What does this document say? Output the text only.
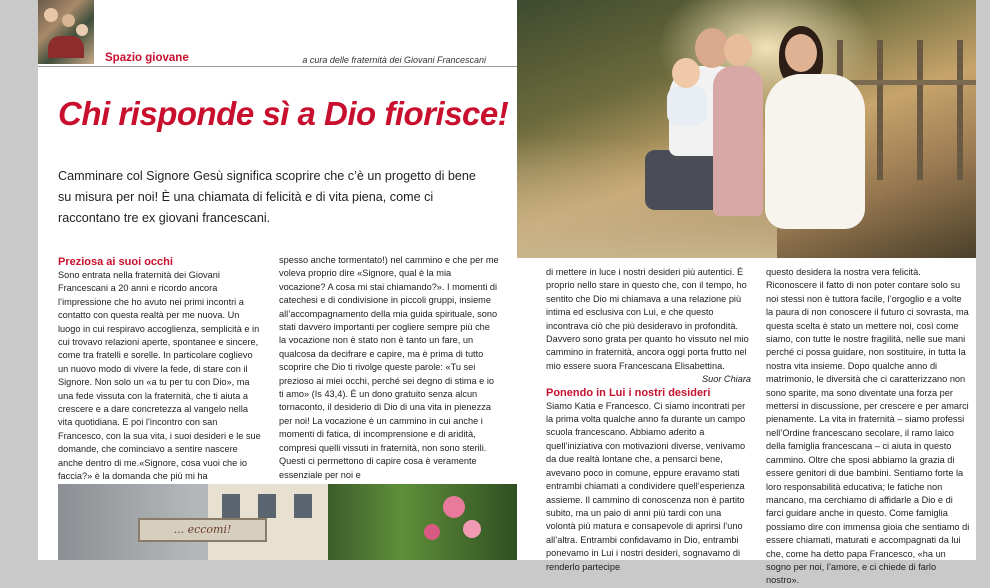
Spazio giovane	a cura delle fraternità dei Giovani Francescani
Chi risponde sì a Dio fiorisce!

Camminare col Signore Gesù significa scoprire che c’è un progetto di bene su misura per noi! È una chiamata di felicità e di vita piena, come ci raccontano tre ex giovani francescani.

Preziosa ai suoi occhi

Sono entrata nella fraternità dei Giovani Francescani a 20 anni e ricordo ancora l’impressione che ho avuto nei primi incontri a contatto con questa realtà per me nuova. Un luogo in cui respiravo accoglienza, semplicità e in cui trovavo relazioni aperte, spontanee e sincere, come tra fratelli e sorelle. In particolare coglievo un nuovo modo di vivere la fede, di stare con il Signore. Non solo un «a tu per tu con Dio», ma una fede vissuta con la fraternità, che ti aiuta a crescere e a dare concretezza al vangelo nella vita quotidiana. E poi l’incontro con san Francesco, con la sua vita, i suoi desideri e le sue domande, che cominciavo a sentire nascere anche dentro di me.«Signore, cosa vuoi che io faccia?» è la domanda che più mi ha

spesso anche tormentato!) nel cammino e che per me voleva proprio dire «Signore, qual è la mia vocazione? A cosa mi stai chiamando?». I momenti di catechesi e di condivisione in piccoli gruppi, insieme all’accompagnamento della mia guida spirituale, sono stati davvero importanti per cogliere sempre più che la vocazione non è stato non è tanto un fare, un qualcosa da decifrare e capire, ma è prima di tutto scoprire che Dio ti rivolge queste parole: «Tu sei prezioso ai miei occhi, perché sei degno di stima e io ti amo» (Is 43,4). È un dono gratuito senza alcun tornaconto, il desiderio di Dio di una vita in pienezza per noi! La vocazione è un cammino in cui anche i momenti di fatica, di incomprensione e di aridità, compresi quelli vissuti in fraternità, non sono sterili. Questi ci permettono di capire cosa è veramente essenziale per noi e

... eccomi!

di mettere in luce i nostri desideri più autentici. È proprio nello stare in questo che, con il tempo, ho sentito che Dio mi chiamava a una relazione più intima ed esclusiva con Lui, e che questo incontrava ciò che più desideravo in profondità. Davvero sono grata per quanto ho vissuto nel mio cammino in fraternità, ancora oggi porta frutto nel mio essere suora Francescana Elisabettina.

Suor Chiara

Ponendo in Lui i nostri desideri

Siamo Katia e Francesco. Ci siamo incontrati per la prima volta qualche anno fa durante un campo scuola francescano. Abbiamo aderito a quell’iniziativa con motivazioni diverse, venivamo da due realtà lontane che, a pensarci bene, avevano poco in comune, eppure eravamo stati entrambi chiamati a condividere quell’esperienza assieme. Il cammino di conoscenza non è partito subito, ma un paio di anni più tardi con una volontà più matura e consapevole di aprirsi l’uno all’altra. Entrambi confidavamo in Dio, entrambi ponevamo in Lui i nostri desideri, sognavamo di renderlo partecipe

questo desidera la nostra vera felicità. Riconoscere il fatto di non poter contare solo su noi stessi non è tuttora facile, l’orgoglio e a volte la paura di non conoscere il futuro ci sovrasta, ma questa scelta è stato un mettere noi, così come siamo, con tutte le nostre fragilità, nelle sue mani perché ci possa guidare, non sostituire, in tutta la nostra vita insieme. Dopo qualche anno di matrimonio, le diversità che ci caratterizzano non sono sparite, ma sono diventate una forza per mettersi in discussione, per crescere e per amarci pienamente. La vita in fraternità – siamo professi nell’Ordine francescano secolare, il ramo laico della famiglia francescana – ci aiuta in questo cammino. Oltre che sposi abbiamo la grazia di essere genitori di due bambini. Sentiamo forte la loro responsabilità educativa; le fatiche non mancano, ma cerchiamo di affidarle a Dio e di farci guidare anche in questo. Come famiglia possiamo dire con immensa gioia che sentiamo di essere chiamati, maturati e accompagnati da lui che, come ha detto papa Francesco, «ha un sogno per noi, l’amore, e ci chiede di farlo nostro».
